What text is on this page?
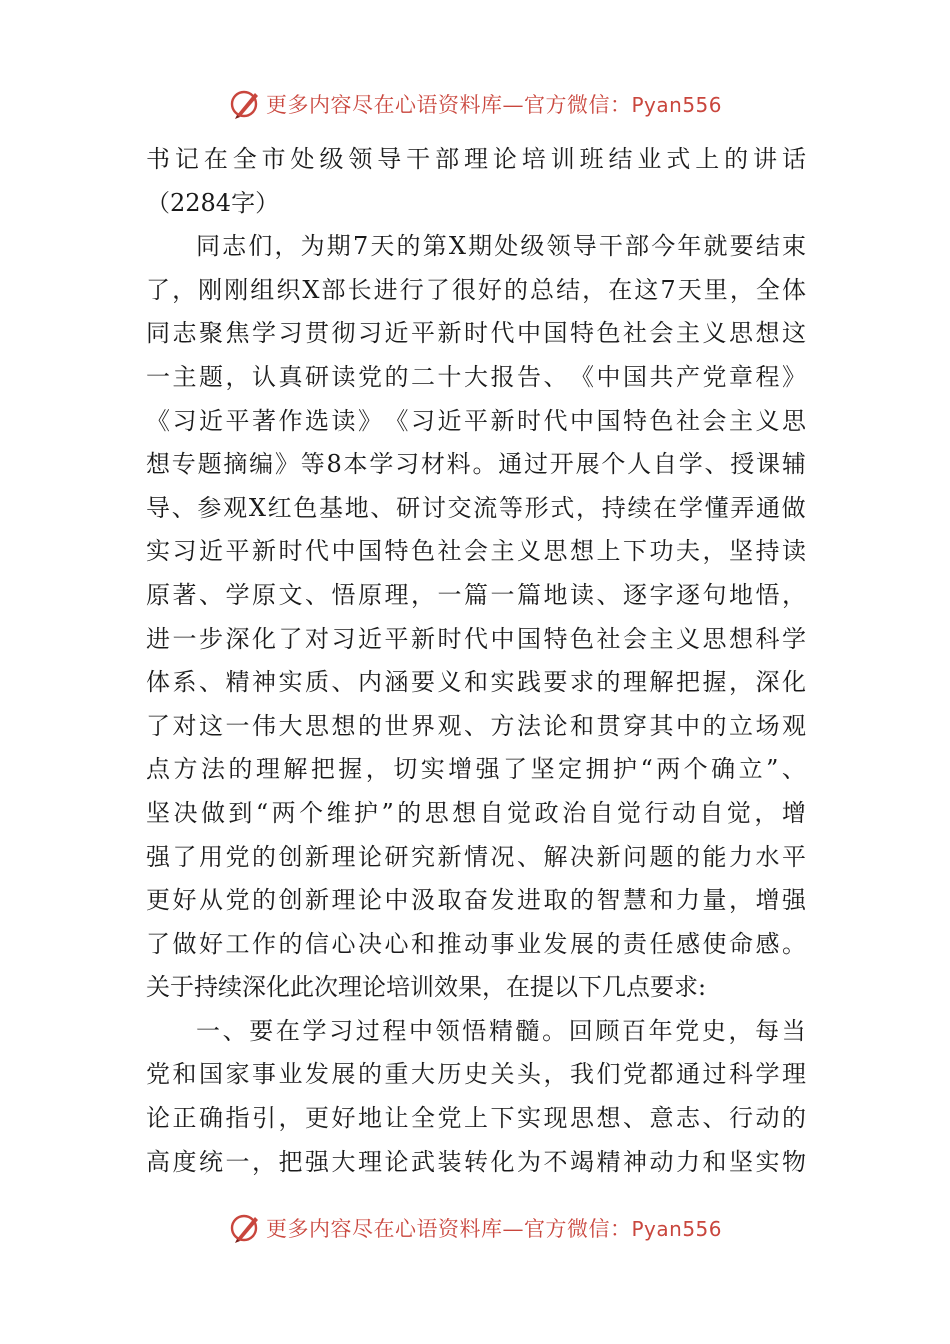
更多内容尽在心语资料库—官方微信：Pyan556
书 记 在 全 市 处 级 领 导 干 部 理 论 培 训 班 结 业 式 上 的 讲 话
（2284字）
同 志 们 ， 为 期 7 天 的 第 X 期 处 级 领 导 干 部 今 年 就 要 结 束
了 ， 刚 刚 组 织 X 部 长 进 行 了 很 好 的 总 结 ， 在 这 7 天 里 ， 全 体
同 志 聚 焦 学 习 贯 彻 习 近 平 新 时 代 中 国 特 色 社 会 主 义 思 想 这
一 主 题 ， 认 真 研 读 党 的 二 十 大 报 告 、 《 中 国 共 产 党 章 程 》
《 习 近 平 著 作 选 读 》 《 习 近 平 新 时 代 中 国 特 色 社 会 主 义 思
想 专 题 摘 编 》 等 8 本 学 习 材 料 。 通 过 开 展 个 人 自 学 、 授 课 辅
导 、 参 观 X 红 色 基 地 、 研 讨 交 流 等 形 式 ， 持 续 在 学 懂 弄 通 做
实 习 近 平 新 时 代 中 国 特 色 社 会 主 义 思 想 上 下 功 夫 ， 坚 持 读
原 著 、 学 原 文 、 悟 原 理 ， 一 篇 一 篇 地 读 、 逐 字 逐 句 地 悟 ，
进 一 步 深 化 了 对 习 近 平 新 时 代 中 国 特 色 社 会 主 义 思 想 科 学
体 系 、 精 神 实 质 、 内 涵 要 义 和 实 践 要 求 的 理 解 把 握 ， 深 化
了 对 这 一 伟 大 思 想 的 世 界 观 、 方 法 论 和 贯 穿 其 中 的 立 场 观
点 方 法 的 理 解 把 握 ， 切 实 增 强 了 坚 定 拥 护 “ 两 个 确 立 ” 、
坚 决 做 到 “ 两 个 维 护 ” 的 思 想 自 觉 政 治 自 觉 行 动 自 觉 ， 增
强 了 用 党 的 创 新 理 论 研 究 新 情 况 、 解 决 新 问 题 的 能 力 水 平
更 好 从 党 的 创 新 理 论 中 汲 取 奋 发 进 取 的 智 慧 和 力 量 ， 增 强
了 做 好 工 作 的 信 心 决 心 和 推 动 事 业 发 展 的 责 任 感 使 命 感 。
关于持续深化此次理论培训效果，在提以下几点要求:
一 、 要 在 学 习 过 程 中 领 悟 精 髓 。 回 顾 百 年 党 史 ， 每 当
党 和 国 家 事 业 发 展 的 重 大 历 史 关 头 ， 我 们 党 都 通 过 科 学 理
论 正 确 指 引 ， 更 好 地 让 全 党 上 下 实 现 思 想 、 意 志 、 行 动 的
高 度 统 一 ， 把 强 大 理 论 武 装 转 化 为 不 竭 精 神 动 力 和 坚 实 物
更多内容尽在心语资料库—官方微信：Pyan556
